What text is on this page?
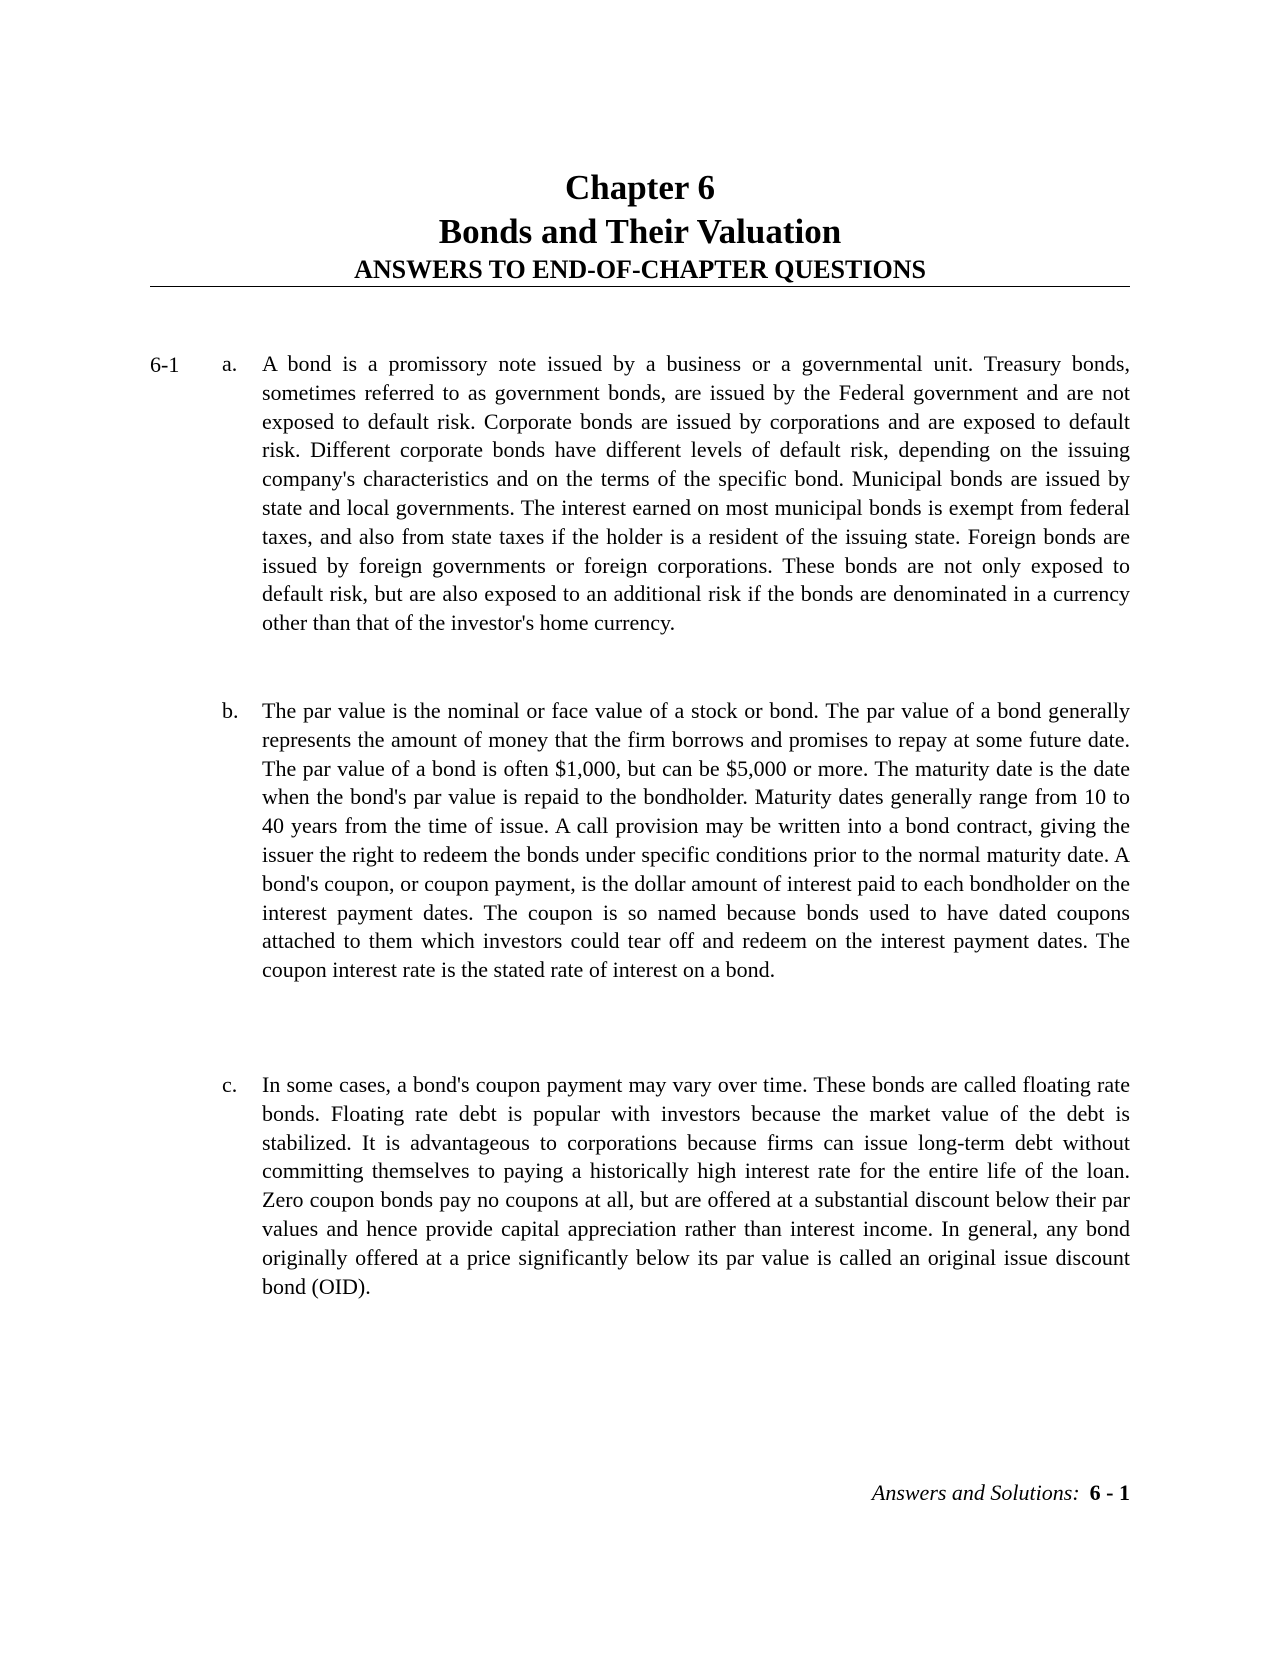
Chapter 6
Bonds and Their Valuation
ANSWERS TO END-OF-CHAPTER QUESTIONS
6-1 a.	A bond is a promissory note issued by a business or a governmental unit. Treasury bonds, sometimes referred to as government bonds, are issued by the Federal government and are not exposed to default risk. Corporate bonds are issued by corporations and are exposed to default risk. Different corporate bonds have different levels of default risk, depending on the issuing company's characteristics and on the terms of the specific bond. Municipal bonds are issued by state and local governments. The interest earned on most municipal bonds is exempt from federal taxes, and also from state taxes if the holder is a resident of the issuing state. Foreign bonds are issued by foreign governments or foreign corporations. These bonds are not only exposed to default risk, but are also exposed to an additional risk if the bonds are denominated in a currency other than that of the investor's home currency.
b.	The par value is the nominal or face value of a stock or bond. The par value of a bond generally represents the amount of money that the firm borrows and promises to repay at some future date. The par value of a bond is often $1,000, but can be $5,000 or more. The maturity date is the date when the bond's par value is repaid to the bondholder. Maturity dates generally range from 10 to 40 years from the time of issue. A call provision may be written into a bond contract, giving the issuer the right to redeem the bonds under specific conditions prior to the normal maturity date. A bond's coupon, or coupon payment, is the dollar amount of interest paid to each bondholder on the interest payment dates. The coupon is so named because bonds used to have dated coupons attached to them which investors could tear off and redeem on the interest payment dates. The coupon interest rate is the stated rate of interest on a bond.
c.	In some cases, a bond's coupon payment may vary over time. These bonds are called floating rate bonds. Floating rate debt is popular with investors because the market value of the debt is stabilized. It is advantageous to corporations because firms can issue long-term debt without committing themselves to paying a historically high interest rate for the entire life of the loan. Zero coupon bonds pay no coupons at all, but are offered at a substantial discount below their par values and hence provide capital appreciation rather than interest income. In general, any bond originally offered at a price significantly below its par value is called an original issue discount bond (OID).
Answers and Solutions: 6 - 1
